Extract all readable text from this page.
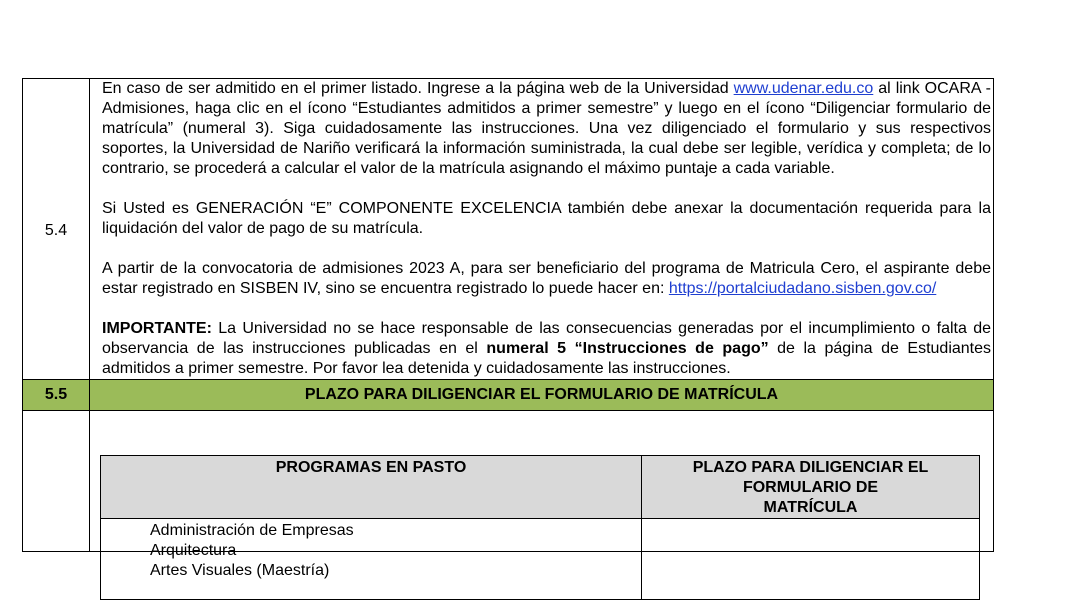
5.4	En caso de ser admitido en el primer listado. Ingrese a la página web de la Universidad www.udenar.edu.co al link OCARA - Admisiones, haga clic en el ícono “Estudiantes admitidos a primer semestre” y luego en el ícono “Diligenciar formulario de matrícula” (numeral 3). Siga cuidadosamente las instrucciones. Una vez diligenciado el formulario y sus respectivos soportes, la Universidad de Nariño verificará la información suministrada, la cual debe ser legible, verídica y completa; de lo contrario, se procederá a calcular el valor de la matrícula asignando el máximo puntaje a cada variable.

Si Usted es GENERACIÓN “E” COMPONENTE EXCELENCIA también debe anexar la documentación requerida para la liquidación del valor de pago de su matrícula.

A partir de la convocatoria de admisiones 2023 A, para ser beneficiario del programa de Matricula Cero, el aspirante debe estar registrado en SISBEN IV, sino se encuentra registrado lo puede hacer en: https://portalciudadano.sisben.gov.co/

IMPORTANTE: La Universidad no se hace responsable de las consecuencias generadas por el incumplimiento o falta de observancia de las instrucciones publicadas en el numeral 5 “Instrucciones de pago” de la página de Estudiantes admitidos a primer semestre. Por favor lea detenida y cuidadosamente las instrucciones.

5.5	PLAZO PARA DILIGENCIAR EL FORMULARIO DE MATRÍCULA

PROGRAMAS EN PASTO	PLAZO PARA DILIGENCIAR EL
FORMULARIO DE
MATRÍCULA

Administración de Empresas
Arquitectura
Artes Visuales (Maestría)	
